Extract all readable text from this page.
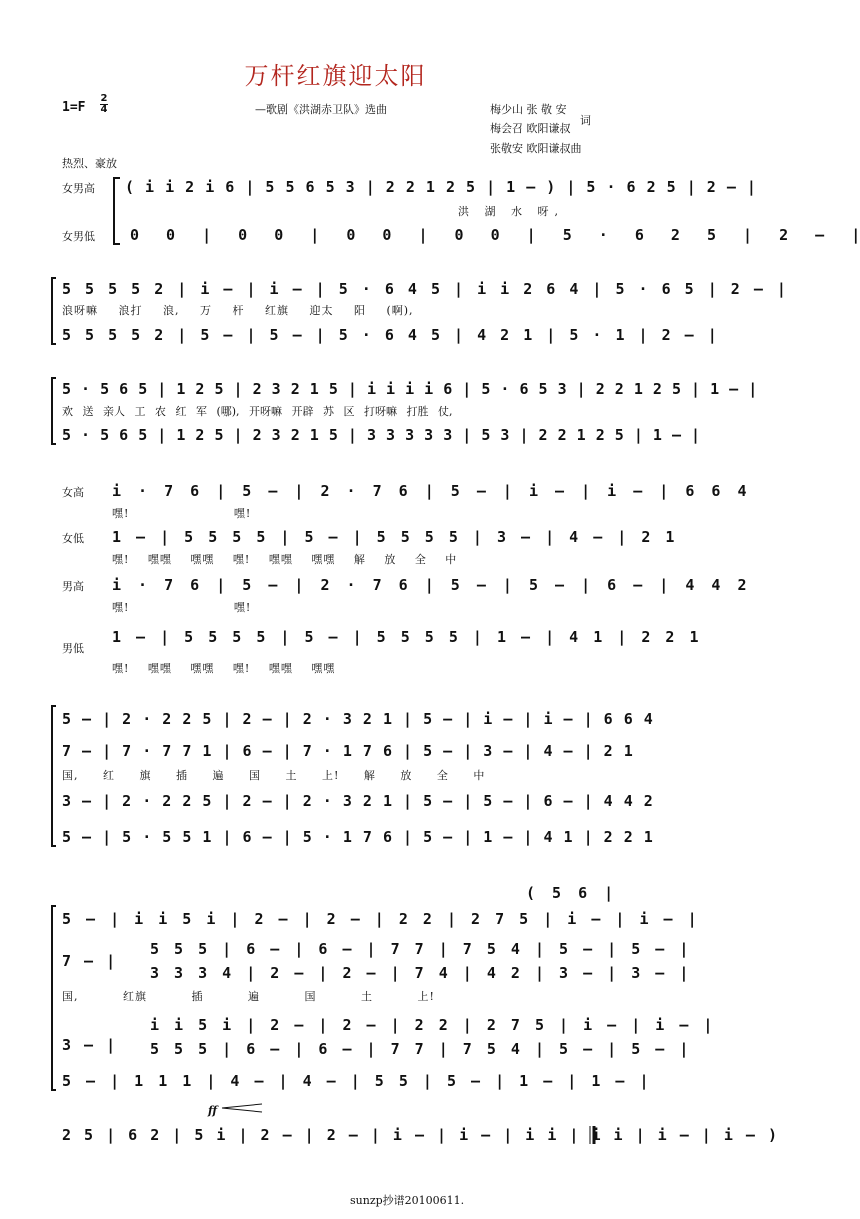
万杆红旗迎太阳
1=F
2
4	—歌剧《洪湖赤卫队》选曲	梅少山 张 敬 安
词
梅会召 欧阳谦叔
张敬安 欧阳谦叔曲
热烈、豪放
女男高 ( i i 2 i 6 | 5 5 6 5 3 | 2 2 1 2 5 | 1 – ) | 5 · 6 2 5 | 2 – |
洪 湖 水 呀,
女男低 0 0 | 0 0 | 0 0 | 0 0 | 5 · 6 2 5 | 2 – |
5 5 5 5 2 | i – | i – | 5 · 6 4 5 | i i 2 6 4 | 5 · 6 5 | 2 – |
浪呀嘛 浪打 浪, 万 杆 红旗 迎太 阳 (啊),
5 5 5 5 2 | 5 – | 5 – | 5 · 6 4 5 | 4 2 1 | 5 · 1 | 2 – |
5 · 5 6 5 | 1 2 5 | 2 3 2 1 5 | i i i i 6 | 5 · 6 5 3 | 2 2 1 2 5 | 1 – |
欢 送 亲人 工 农 红 军 (哪), 开呀嘛 开辟 苏 区 打呀嘛 打胜 仗,
5 · 5 6 5 | 1 2 5 | 2 3 2 1 5 | 3 3 3 3 3 | 5 3 | 2 2 1 2 5 | 1 – |
女高 i · 7 6 | 5 – | 2 · 7 6 | 5 – | i – | i – | 6 6 4
嘿! 嘿!
女低 1 – | 5 5 5 5 | 5 – | 5 5 5 5 | 3 – | 4 – | 2 1
嘿! 嘿嘿 嘿嘿 嘿! 嘿嘿 嘿嘿 解 放 全 中
男高 i · 7 6 | 5 – | 2 · 7 6 | 5 – | 5 – | 6 – | 4 4 2
嘿! 嘿!
男低
1 – | 5 5 5 5 | 5 – | 5 5 5 5 | 1 – | 4 1 | 2 2 1
嘿! 嘿嘿 嘿嘿 嘿! 嘿嘿 嘿嘿
5 – | 2 · 2 2 5 | 2 – | 2 · 3 2 1 | 5 – | i – | i – | 6 6 4
7 – | 7 · 7 7 1 | 6 – | 7 · 1 7 6 | 5 – | 3 – | 4 – | 2 1
国, 红 旗 插 遍 国 土 上! 解 放 全 中
3 – | 2 · 2 2 5 | 2 – | 2 · 3 2 1 | 5 – | 5 – | 6 – | 4 4 2
5 – | 5 · 5 5 1 | 6 – | 5 · 1 7 6 | 5 – | 1 – | 4 1 | 2 2 1
( 5 6 |
5 – | i i 5 i | 2 – | 2 – | 2 2 | 2 7 5 | i – | i – |
7 – |
5 5 5 | 6 – | 6 – | 7 7 | 7 5 4 | 5 – | 5 – |
3 3 3 4 | 2 – | 2 – | 7 4 | 4 2 | 3 – | 3 – |
国, 红旗 插 遍 国 土 上!
3 – |
i i 5 i | 2 – | 2 – | 2 2 | 2 7 5 | i – | i – |
5 5 5 | 6 – | 6 – | 7 7 | 7 5 4 | 5 – | 5 – |
5 – | 1 1 1 | 4 – | 4 – | 5 5 | 5 – | 1 – | 1 – |
ff
2 5 | 6 2 | 5 i | 2 – | 2 – | i – | i – | i i | i i | i – | i – )
sunzp抄谱20100611.
